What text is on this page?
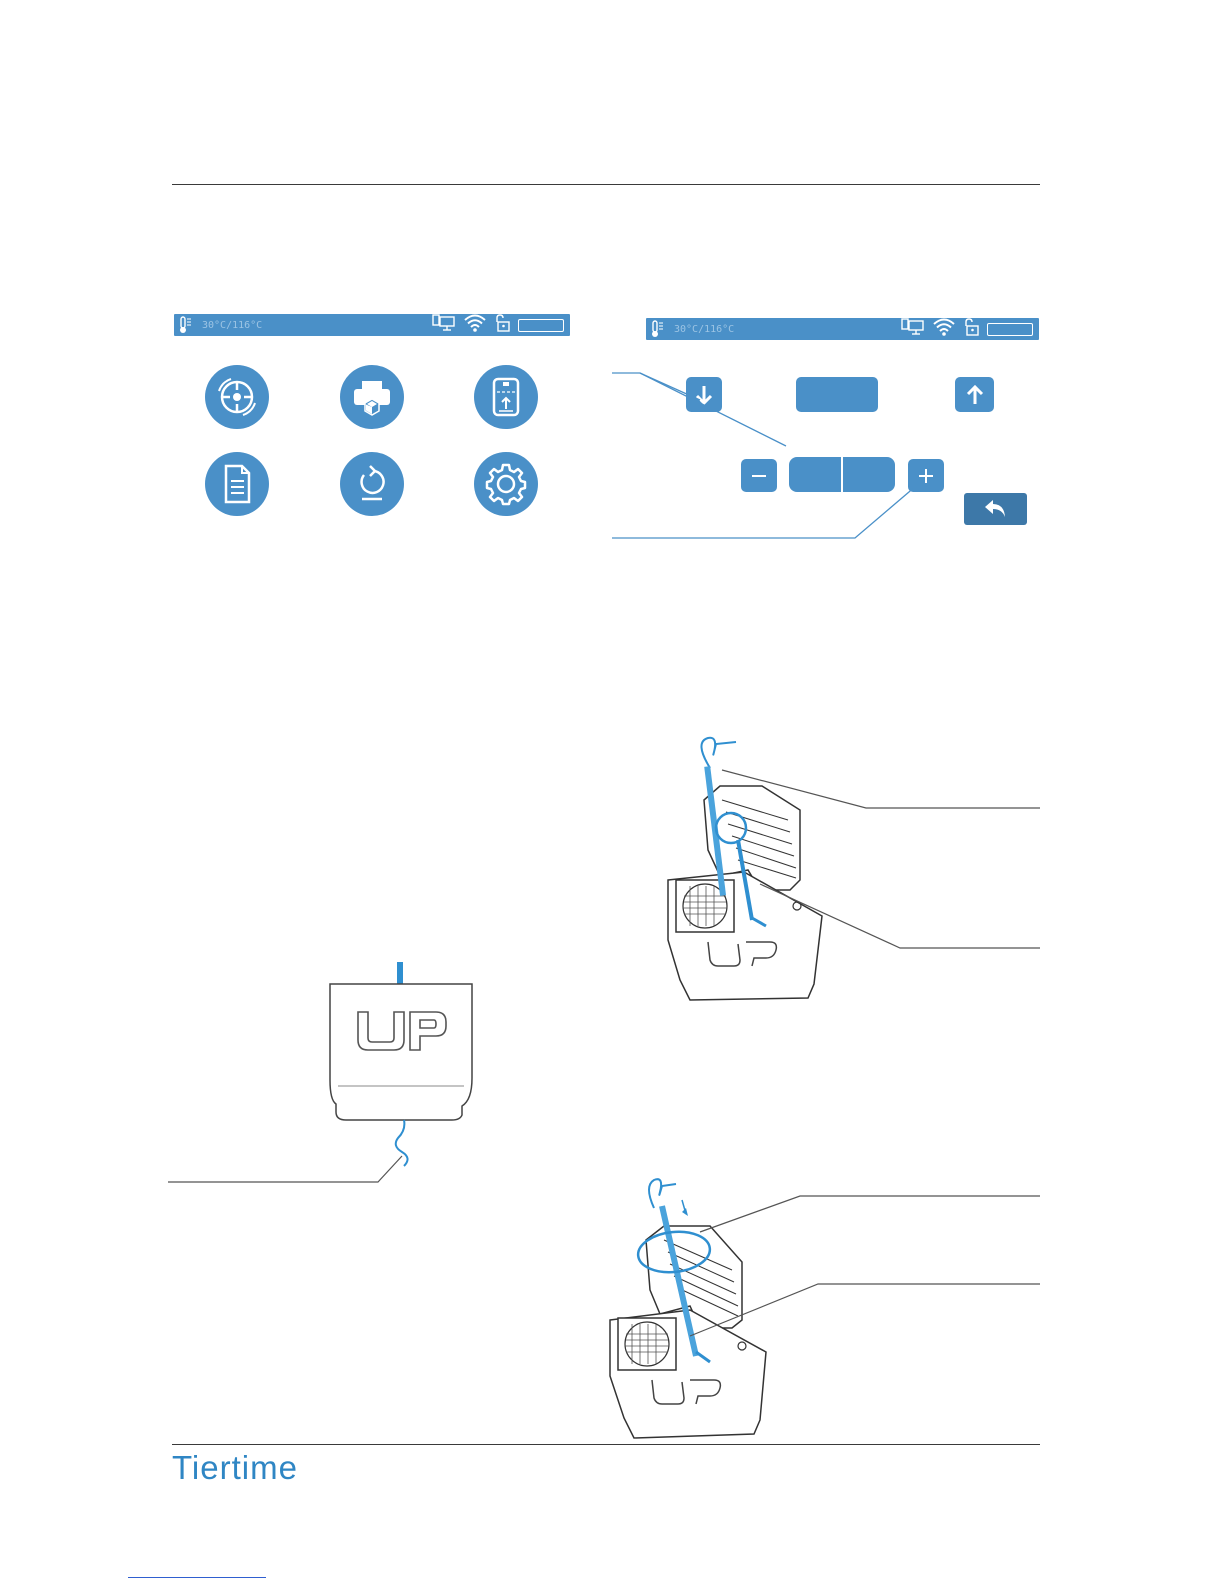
30°C/116°C	30°C/116°C
Tiertime
